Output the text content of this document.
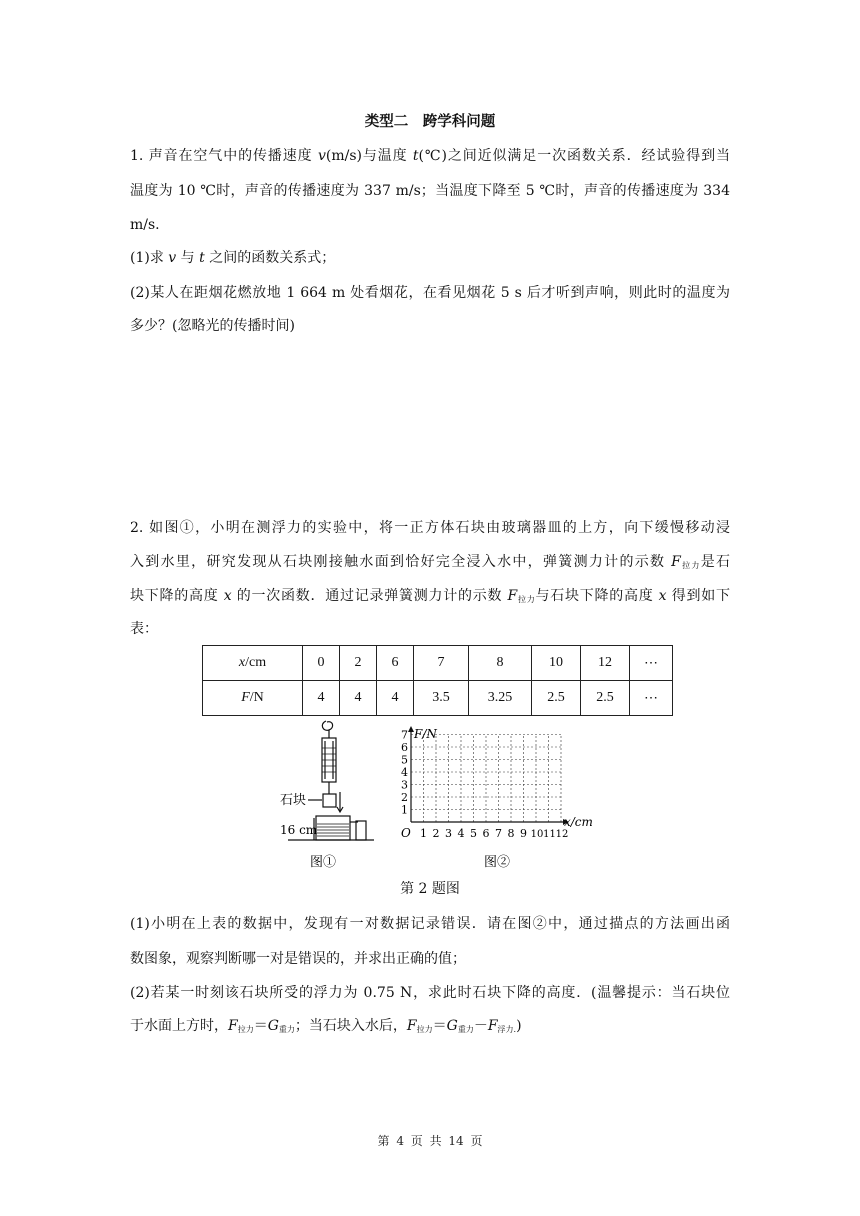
类型二　跨学科问题
1. 声音在空气中的传播速度 v(m/s)与温度 t(℃)之间近似满足一次函数关系．经试验得到当
温度为 10 ℃时，声音的传播速度为 337 m/s；当温度下降至 5 ℃时，声音的传播速度为 334
m/s.
(1)求 v 与 t 之间的函数关系式；
(2)某人在距烟花燃放地 1 664 m 处看烟花，在看见烟花 5 s 后才听到声响，则此时的温度为
多少？(忽略光的传播时间)
2. 如图①，小明在测浮力的实验中，将一正方体石块由玻璃器皿的上方，向下缓慢移动浸
入到水里，研究发现从石块刚接触水面到恰好完全浸入水中，弹簧测力计的示数 $F_{拉力}$是石
块下降的高度 x 的一次函数．通过记录弹簧测力计的示数 $F_{拉力}$与石块下降的高度 x 得到如下
表：
x/cm	0	2	6	7	8	10	12	⋯
F/N	4	4	4	3.5	3.25	2.5	2.5	⋯
石块
16 cm
图①
F/N
x/cm
O
1
2
3
4
5
6
7
1 2 3 4 5 6 7 8 9 10 11 12
图②
第 2 题图
(1)小明在上表的数据中，发现有一对数据记录错误．请在图②中，通过描点的方法画出函
数图象，观察判断哪一对是错误的，并求出正确的值；
(2)若某一时刻该石块所受的浮力为 0.75 N，求此时石块下降的高度．(温馨提示：当石块位
于水面上方时，$F_{拉力}=G_{重力}$；当石块入水后，$F_{拉力}=G_{重力}-F_{浮力.}$)
第 4 页 共 14 页
